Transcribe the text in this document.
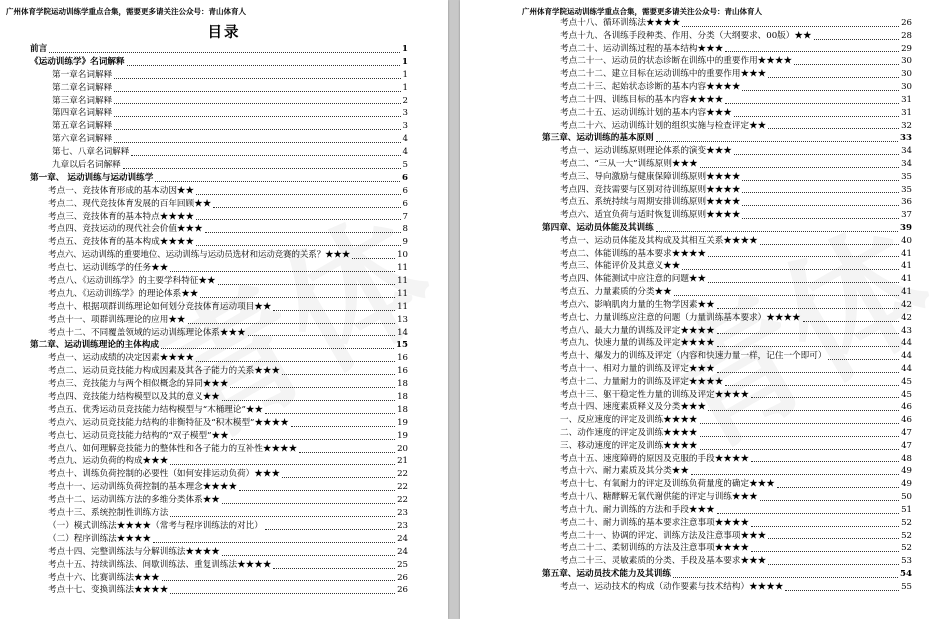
广州体育学院运动训练学重点合集，需要更多请关注公众号：青山体育人
目录
前言	1
《运动训练学》名词解释	1
第一章名词解释	1
第二章名词解释	1
第三章名词解释	2
第四章名词解释	3
第五章名词解释	3
第六章名词解释	4
第七、八章名词解释	4
九章以后名词解释	5
第一章、 运动训练与运动训练学	6
考点一、竞技体育形成的基本动因★★	6
考点二、现代竞技体育发展的百年回顾★★	6
考点三、竞技体育的基本特点★★★★	7
考点四、竞技运动的现代社会价值★★★	8
考点五、竞技体育的基本构成★★★★	9
考点六、运动训练的重要地位、运动训练与运动员选材和运动竞赛的关系？★★★	10
考点七、运动训练学的任务★★	11
考点八、《运动训练学》的主要学科特征★★	11
考点九、《运动训练学》的理论体系★★	11
考点十、根据项群训练理论如何划分竞技体育运动项目★★	11
考点十一、项群训练理论的应用★★	13
考点十二、不同覆盖领域的运动训练理论体系★★★	14
第二章、运动训练理论的主体构成	15
考点一、运动成绩的决定因素★★★★	16
考点二、运动员竞技能力构成因素及其各子能力的关系★★★	16
考点三、竞技能力与两个相似概念的异同★★★	18
考点四、竞技能力结构模型以及其的意义★★	18
考点五、优秀运动员竞技能力结构模型与“木桶理论”★★	18
考点六、运动员竞技能力结构的非衡特征及“积木模型”★★★★	19
考点七、运动员竞技能力结构的“双子模型”★★	19
考点八、如何理解竞技能力的整体性和各子能力的互补性★★★★	20
考点九、运动负荷的构成★★★	21
考点十、训练负荷控制的必要性（如何安排运动负荷）★★★	22
考点十一、运动训练负荷控制的基本理念★★★★	22
考点十二、运动训练方法的多维分类体系★★	22
考点十三、系统控制性训练方法	23
（一）模式训练法★★★★（常考与程序训练法的对比）	23
（二）程序训练法★★★★	24
考点十四、完整训练法与分解训练法★★★★	24
考点十五、持续训练法、间歇训练法、重复训练法★★★★	25
考点十六、比赛训练法★★★	26
考点十七、变换训练法★★★★	26
广州体育学院运动训练学重点合集，需要更多请关注公众号：青山体育人
考点十八、循环训练法★★★★	26
考点十九、各训练手段种类、作用、分类（大纲要求、00版）★★	28
考点二十、运动训练过程的基本结构★★★	29
考点二十一、运动员的状态诊断在训练中的重要作用★★★★	30
考点二十二、建立目标在运动训练中的重要作用★★★	30
考点二十三、起始状态诊断的基本内容★★★★	30
考点二十四、训练目标的基本内容★★★★	31
考点二十五、运动训练计划的基本内容★★★	31
考点二十六、运动训练计划的组织实施与检查评定★★	32
第三章、运动训练的基本原则	33
考点一、运动训练原则理论体系的演变★★★	34
考点二、“三从一大”训练原则★★★	34
考点三、导向激励与健康保障训练原则★★★★	35
考点四、竞技需要与区别对待训练原则★★★★	35
考点五、系统持续与周期安排训练原则★★★★	36
考点六、适宜负荷与适时恢复训练原则★★★★	37
第四章、运动员体能及其训练	39
考点一、运动员体能及其构成及其相互关系★★★★	40
考点二、体能训练的基本要求★★★★	41
考点三、体能评价及其意义★★	41
考点四、体能测试中应注意的问题★★	41
考点五、力量素质的分类★★	41
考点六、影响肌肉力量的生物学因素★★	42
考点七、力量训练应注意的问题（力量训练基本要求）★★★★	42
考点八、最大力量的训练及评定★★★★	43
考点九、快速力量的训练及评定★★★★	44
考点十、爆发力的训练及评定（内容和快速力量一样，记住一个即可）	44
考点十一、相对力量的训练及评定★★★	44
考点十二、力量耐力的训练及评定★★★★	45
考点十三、躯干稳定性力量的训练及评定★★★★	45
考点十四、速度素质释义及分类★★★	46
一、反应速度的评定及训练★★★★	46
二、动作速度的评定及训练★★★★	47
三、移动速度的评定及训练★★★★	47
考点十五、速度障碍的原因及克服的手段★★★★	48
考点十六、耐力素质及其分类★★	49
考点十七、有氧耐力的评定及训练负荷量度的确定★★★	49
考点十八、糖酵解无氧代谢供能的评定与训练★★★	50
考点十九、耐力训练的方法和手段★★★	51
考点二十、耐力训练的基本要求注意事项★★★★	52
考点二十一、协调的评定、训练方法及注意事项★★★	52
考点二十二、柔韧训练的方法及注意事项★★★★	52
考点二十三、灵敏素质的分类、手段及基本要求★★★	53
第五章、运动员技术能力及其训练	54
考点一、运动技术的构成（动作要素与技术结构）★★★★	55
